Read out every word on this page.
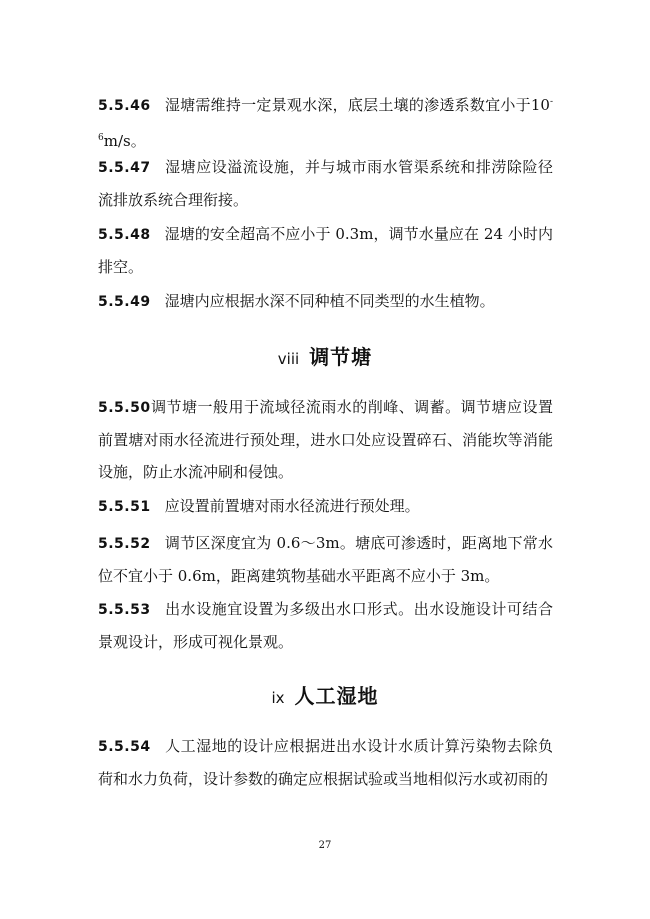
5.5.46 湿塘需维持一定景观水深，底层土壤的渗透系数宜小于$10^{-6}m/s$。

5.5.47 湿塘应设溢流设施，并与城市雨水管渠系统和排涝除险径流排放系统合理衔接。

5.5.48 湿塘的安全超高不应小于 0.3m，调节水量应在 24 小时内排空。

5.5.49 湿塘内应根据水深不同种植不同类型的水生植物。

viii 调节塘

5.5.50调节塘一般用于流域径流雨水的削峰、调蓄。调节塘应设置前置塘对雨水径流进行预处理，进水口处应设置碎石、消能坎等消能设施，防止水流冲刷和侵蚀。

5.5.51 应设置前置塘对雨水径流进行预处理。

5.5.52 调节区深度宜为 0.6～3m。塘底可渗透时，距离地下常水位不宜小于 0.6m，距离建筑物基础水平距离不应小于 3m。

5.5.53 出水设施宜设置为多级出水口形式。出水设施设计可结合景观设计，形成可视化景观。

ix 人工湿地

5.5.54 人工湿地的设计应根据进出水设计水质计算污染物去除负荷和水力负荷，设计参数的确定应根据试验或当地相似污水或初雨的

27
